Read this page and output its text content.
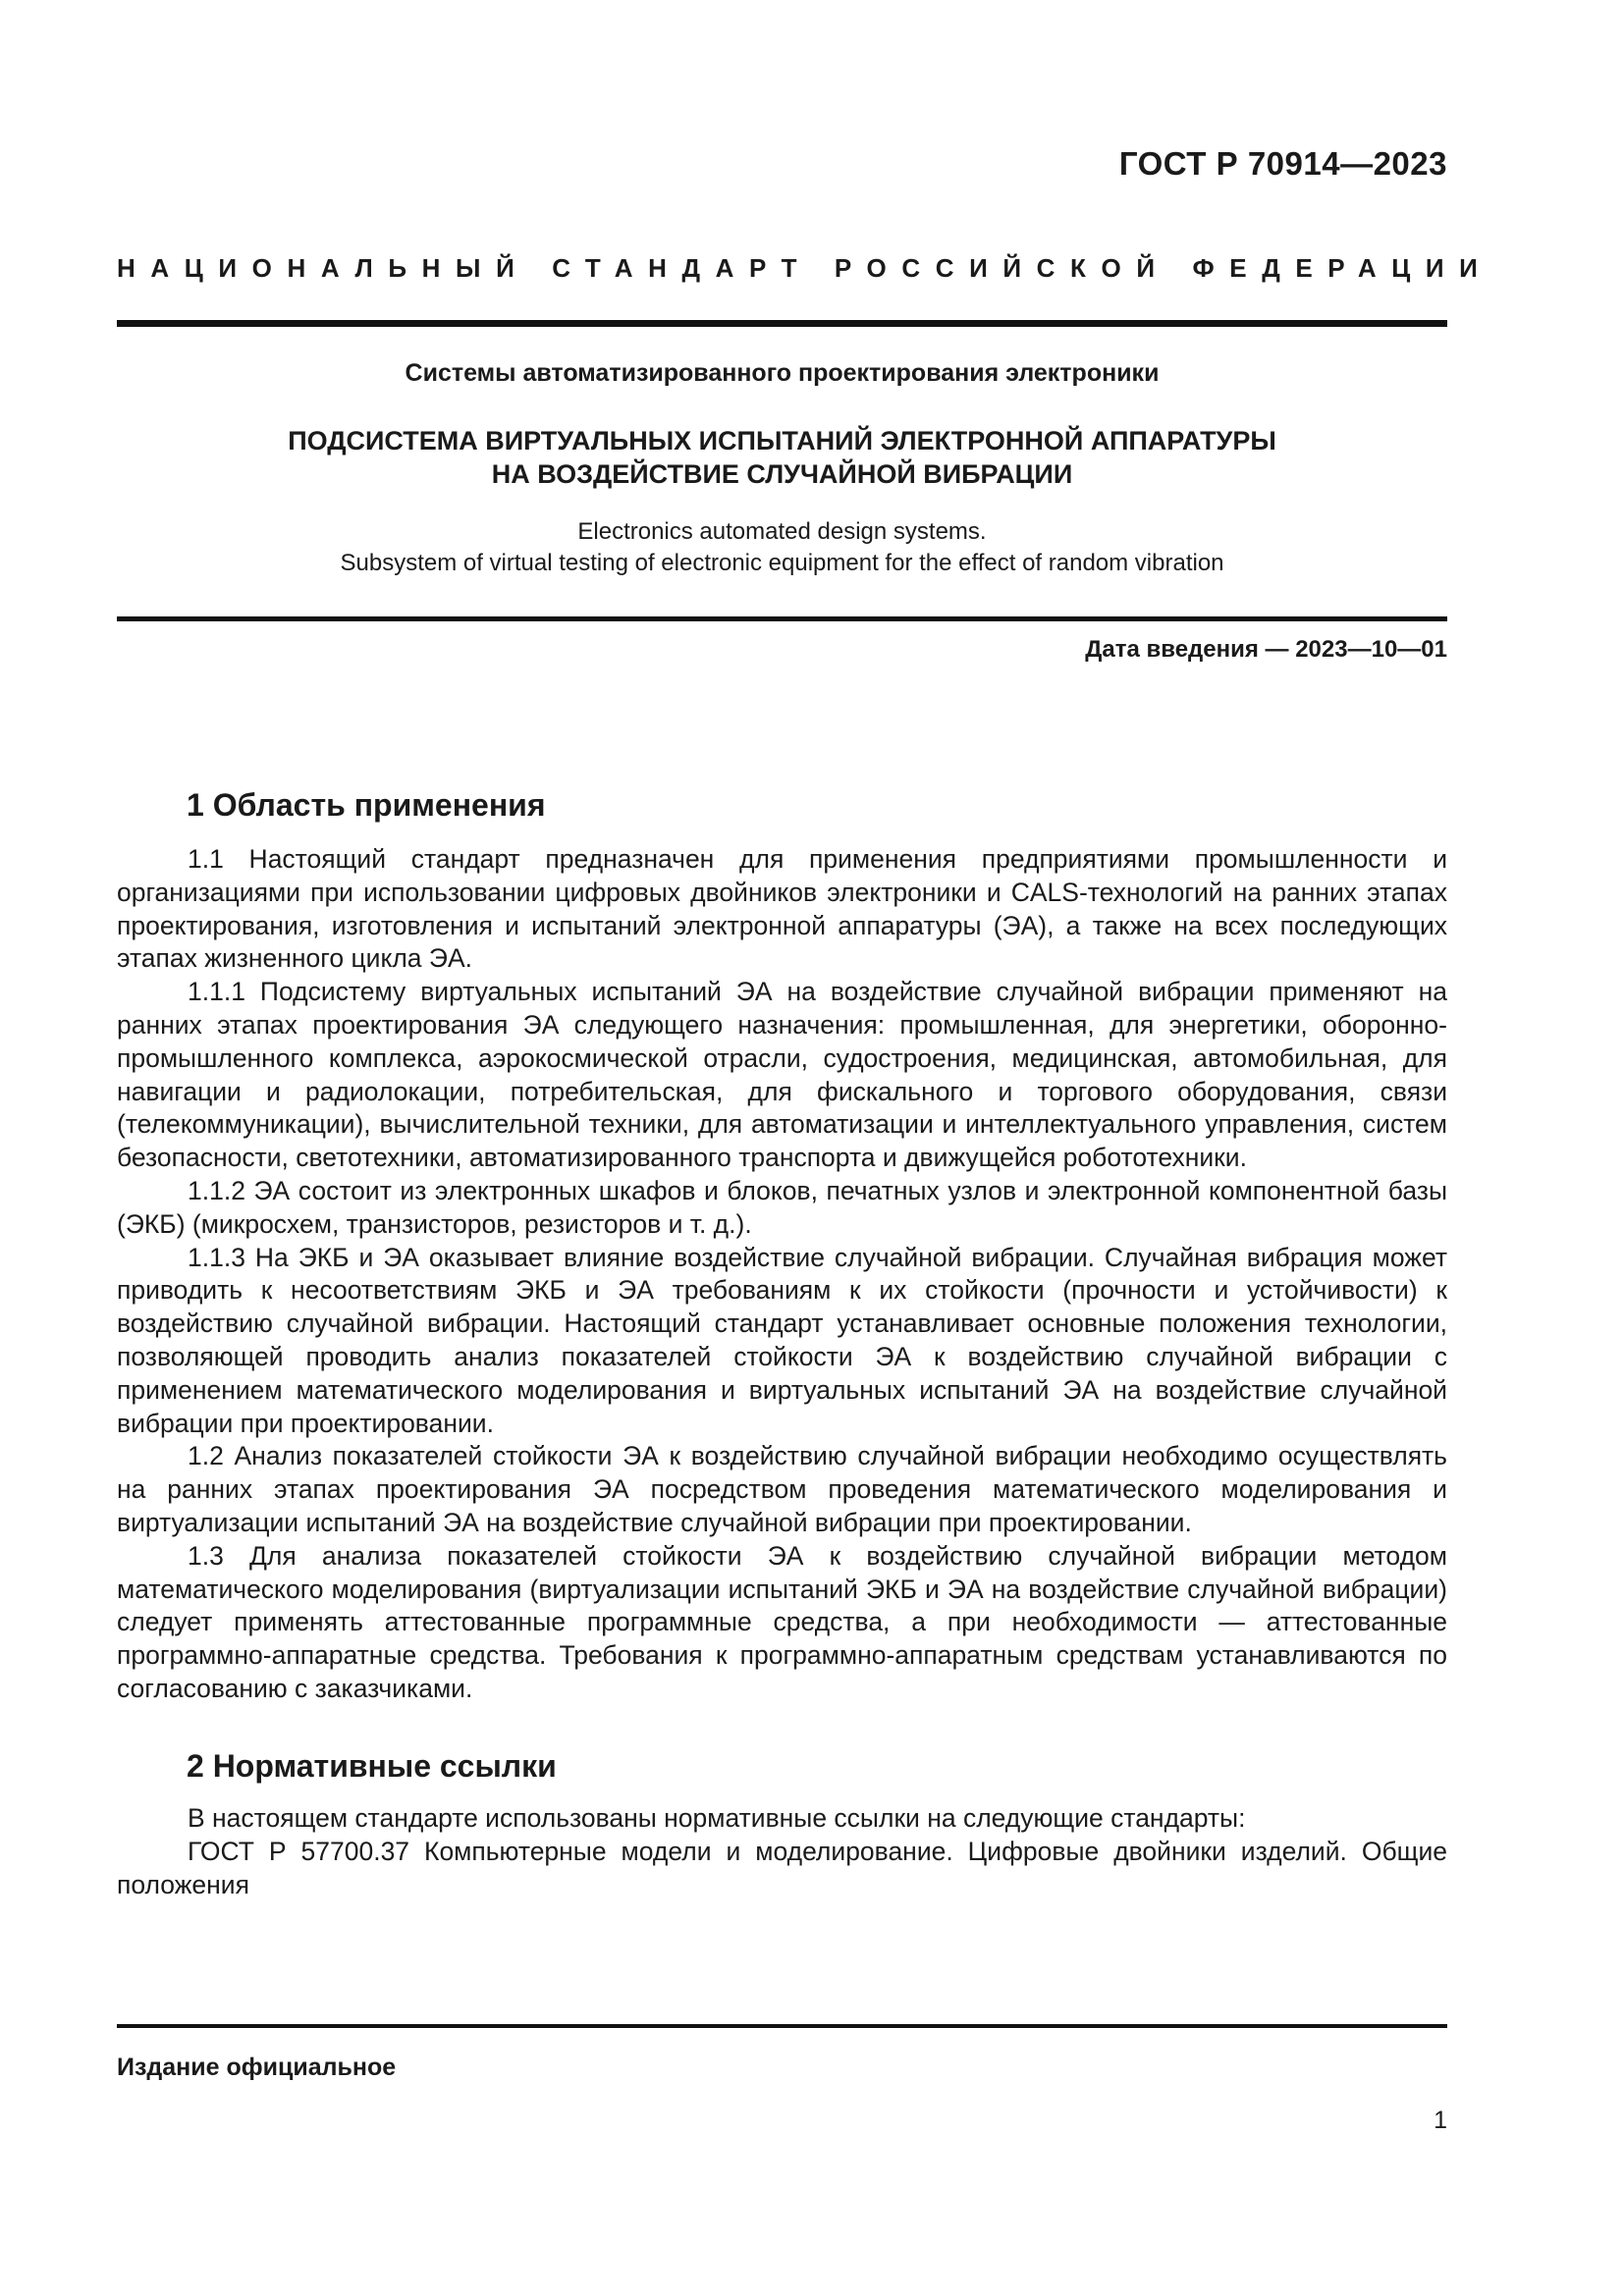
ГОСТ Р 70914—2023
НАЦИОНАЛЬНЫЙ СТАНДАРТ РОССИЙСКОЙ ФЕДЕРАЦИИ
Системы автоматизированного проектирования электроники
ПОДСИСТЕМА ВИРТУАЛЬНЫХ ИСПЫТАНИЙ ЭЛЕКТРОННОЙ АППАРАТУРЫ
НА ВОЗДЕЙСТВИЕ СЛУЧАЙНОЙ ВИБРАЦИИ
Electronics automated design systems.
Subsystem of virtual testing of electronic equipment for the effect of random vibration
Дата введения — 2023—10—01
1 Область применения

1.1 Настоящий стандарт предназначен для применения предприятиями промышленности и организациями при использовании цифровых двойников электроники и CALS-технологий на ранних этапах проектирования, изготовления и испытаний электронной аппаратуры (ЭА), а также на всех последующих этапах жизненного цикла ЭА.

1.1.1 Подсистему виртуальных испытаний ЭА на воздействие случайной вибрации применяют на ранних этапах проектирования ЭА следующего назначения: промышленная, для энергетики, оборонно-промышленного комплекса, аэрокосмической отрасли, судостроения, медицинская, автомобильная, для навигации и радиолокации, потребительская, для фискального и торгового оборудования, связи (телекоммуникации), вычислительной техники, для автоматизации и интеллектуального управления, систем безопасности, светотехники, автоматизированного транспорта и движущейся робототехники.

1.1.2 ЭА состоит из электронных шкафов и блоков, печатных узлов и электронной компонентной базы (ЭКБ) (микросхем, транзисторов, резисторов и т. д.).

1.1.3 На ЭКБ и ЭА оказывает влияние воздействие случайной вибрации. Случайная вибрация может приводить к несоответствиям ЭКБ и ЭА требованиям к их стойкости (прочности и устойчивости) к воздействию случайной вибрации. Настоящий стандарт устанавливает основные положения технологии, позволяющей проводить анализ показателей стойкости ЭА к воздействию случайной вибрации с применением математического моделирования и виртуальных испытаний ЭА на воздействие случайной вибрации при проектировании.

1.2 Анализ показателей стойкости ЭА к воздействию случайной вибрации необходимо осуществлять на ранних этапах проектирования ЭА посредством проведения математического моделирования и виртуализации испытаний ЭА на воздействие случайной вибрации при проектировании.

1.3 Для анализа показателей стойкости ЭА к воздействию случайной вибрации методом математического моделирования (виртуализации испытаний ЭКБ и ЭА на воздействие случайной вибрации) следует применять аттестованные программные средства, а при необходимости — аттестованные программно-аппаратные средства. Требования к программно-аппаратным средствам устанавливаются по согласованию с заказчиками.

2 Нормативные ссылки

В настоящем стандарте использованы нормативные ссылки на следующие стандарты:

ГОСТ Р 57700.37 Компьютерные модели и моделирование. Цифровые двойники изделий. Общие положения

Издание официальное
1
